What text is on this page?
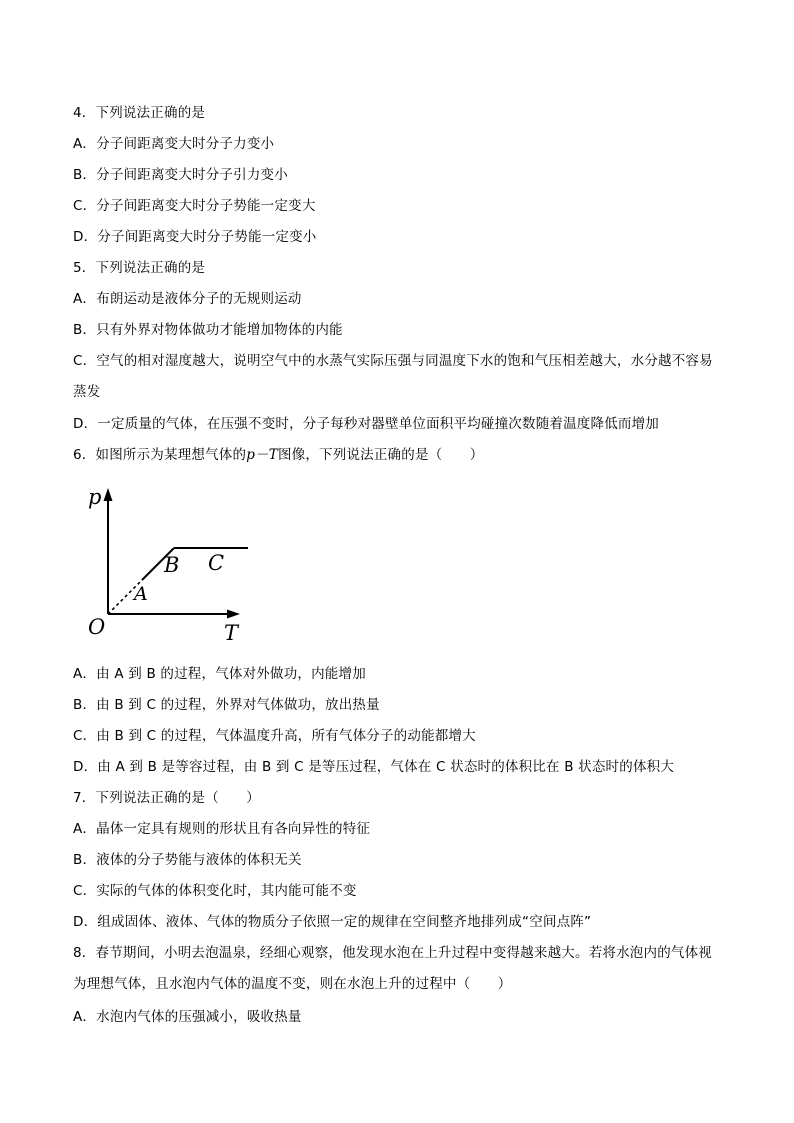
4．下列说法正确的是
A．分子间距离变大时分子力变小
B．分子间距离变大时分子引力变小
C．分子间距离变大时分子势能一定变大
D．分子间距离变大时分子势能一定变小
5．下列说法正确的是
A．布朗运动是液体分子的无规则运动
B．只有外界对物体做功才能增加物体的内能
C．空气的相对湿度越大，说明空气中的水蒸气实际压强与同温度下水的饱和气压相差越大，水分越不容易蒸发
D．一定质量的气体，在压强不变时，分子每秒对器壁单位面积平均碰撞次数随着温度降低而增加
6．如图所示为某理想气体的p－T图像，下列说法正确的是（　　）
p
T
O
A
B C
A．由 A 到 B 的过程，气体对外做功，内能增加
B．由 B 到 C 的过程，外界对气体做功，放出热量
C．由 B 到 C 的过程，气体温度升高，所有气体分子的动能都增大
D．由 A 到 B 是等容过程，由 B 到 C 是等压过程，气体在 C 状态时的体积比在 B 状态时的体积大
7．下列说法正确的是（　　）
A．晶体一定具有规则的形状且有各向异性的特征
B．液体的分子势能与液体的体积无关
C．实际的气体的体积变化时，其内能可能不变
D．组成固体、液体、气体的物质分子依照一定的规律在空间整齐地排列成“空间点阵”
8．春节期间，小明去泡温泉，经细心观察，他发现水泡在上升过程中变得越来越大。若将水泡内的气体视为理想气体，且水泡内气体的温度不变，则在水泡上升的过程中（　　）
A．水泡内气体的压强减小，吸收热量
